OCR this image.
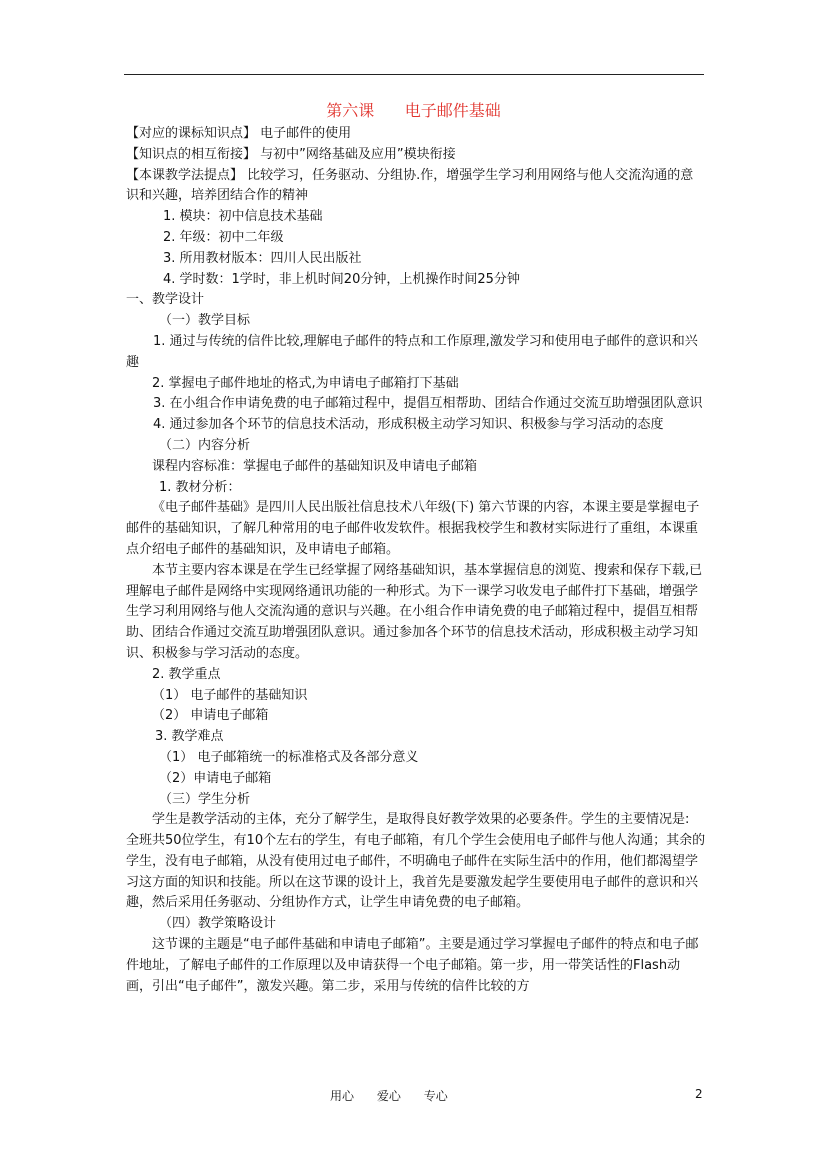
第六课      电子邮件基础

【对应的课标知识点】 电子邮件的使用

【知识点的相互衔接】 与初中”网络基础及应用”模块衔接

【本课教学法提点】 比较学习，任务驱动、分组协.作，增强学生学习利用网络与他人交流沟通的意识和兴趣，培养团结合作的精神

1. 模块：初中信息技术基础

2. 年级：初中二年级

3. 所用教材版本：四川人民出版社

4. 学时数：1学时，非上机时间20分钟，上机操作时间25分钟

一、教学设计

（一）教学目标

1. 通过与传统的信件比较,理解电子邮件的特点和工作原理,激发学习和使用电子邮件的意识和兴趣

2. 掌握电子邮件地址的格式,为申请电子邮箱打下基础

3. 在小组合作申请免费的电子邮箱过程中，提倡互相帮助、团结合作通过交流互助增强团队意识

4. 通过参加各个环节的信息技术活动，形成积极主动学习知识、积极参与学习活动的态度

（二）内容分析

课程内容标准：掌握电子邮件的基础知识及申请电子邮箱

1. 教材分析：

《电子邮件基础》是四川人民出版社信息技术八年级(下) 第六节课的内容，本课主要是掌握电子邮件的基础知识，了解几种常用的电子邮件收发软件。根据我校学生和教材实际进行了重组，本课重点介绍电子邮件的基础知识，及申请电子邮箱。

本节主要内容本课是在学生已经掌握了网络基础知识，基本掌握信息的浏览、搜索和保存下载,已理解电子邮件是网络中实现网络通讯功能的一种形式。为下一课学习收发电子邮件打下基础，增强学生学习利用网络与他人交流沟通的意识与兴趣。在小组合作申请免费的电子邮箱过程中，提倡互相帮助、团结合作通过交流互助增强团队意识。通过参加各个环节的信息技术活动，形成积极主动学习知识、积极参与学习活动的态度。

2. 教学重点

（1） 电子邮件的基础知识

（2） 申请电子邮箱

3. 教学难点

（1） 电子邮箱统一的标准格式及各部分意义

（2）申请电子邮箱

（三）学生分析

学生是教学活动的主体，充分了解学生，是取得良好教学效果的必要条件。学生的主要情况是: 全班共50位学生，有10个左右的学生，有电子邮箱，有几个学生会使用电子邮件与他人沟通；其余的学生，没有电子邮箱，从没有使用过电子邮件，不明确电子邮件在实际生活中的作用，他们都渴望学习这方面的知识和技能。所以在这节课的设计上，我首先是要激发起学生要使用电子邮件的意识和兴趣，然后采用任务驱动、分组协作方式，让学生申请免费的电子邮箱。

（四）教学策略设计

这节课的主题是“电子邮件基础和申请电子邮箱”。主要是通过学习掌握电子邮件的特点和电子邮件地址，了解电子邮件的工作原理以及申请获得一个电子邮箱。第一步，用一带笑话性的Flash动画，引出“电子邮件”，激发兴趣。第二步，采用与传统的信件比较的方

用心      爱心      专心	2
